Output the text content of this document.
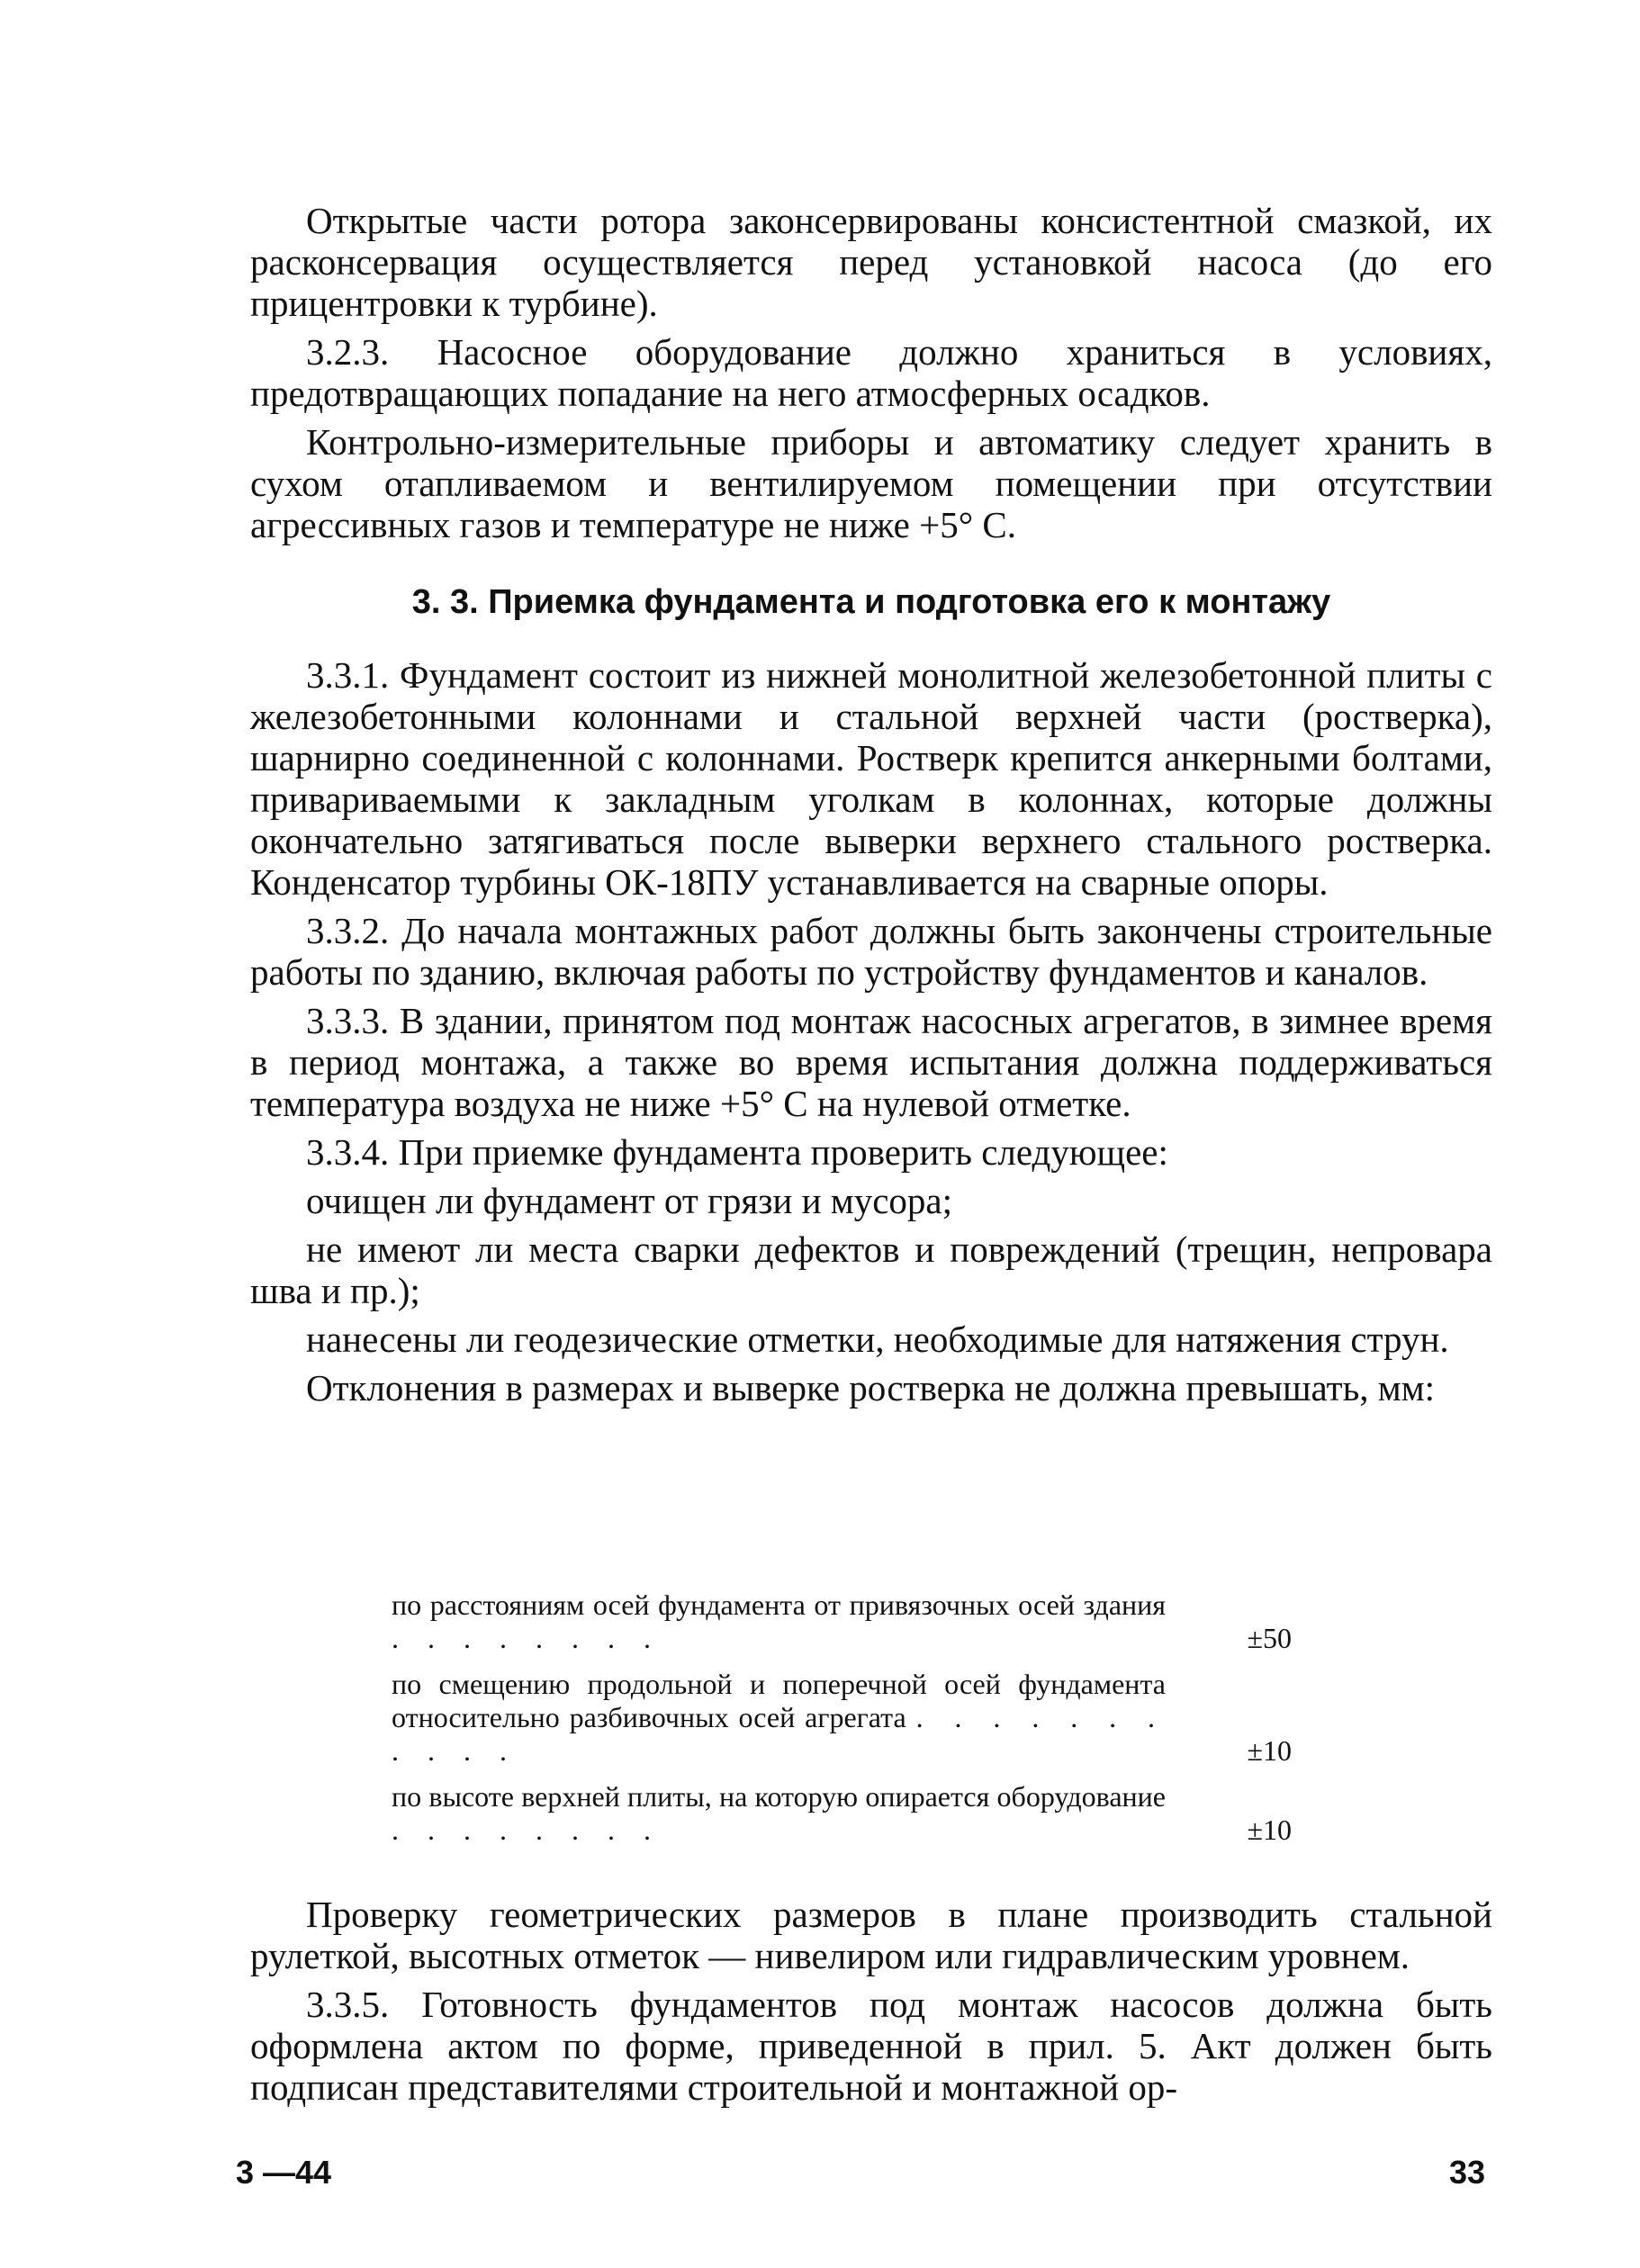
Открытые части ротора законсервированы консистентной смазкой, их расконсервация осуществляется перед установкой насоса (до его прицентровки к турбине).

3.2.3. Насосное оборудование должно храниться в условиях, предотвращающих попадание на него атмосферных осадков.

Контрольно-измерительные приборы и автоматику следует хранить в сухом отапливаемом и вентилируемом помещении при отсутствии агрессивных газов и температуре не ниже +5° С.

3. 3. Приемка фундамента и подготовка его к монтажу

3.3.1. Фундамент состоит из нижней монолитной железобетонной плиты с железобетонными колоннами и стальной верхней части (ростверка), шарнирно соединенной с колоннами. Ростверк крепится анкерными болтами, привариваемыми к закладным уголкам в колоннах, которые должны окончательно затягиваться после выверки верхнего стального ростверка. Конденсатор турбины ОК-18ПУ устанавливается на сварные опоры.

3.3.2. До начала монтажных работ должны быть закончены строительные работы по зданию, включая работы по устройству фундаментов и каналов.

3.3.3. В здании, принятом под монтаж насосных агрегатов, в зимнее время в период монтажа, а также во время испытания должна поддерживаться температура воздуха не ниже +5° С на нулевой отметке.

3.3.4. При приемке фундамента проверить следующее:

очищен ли фундамент от грязи и мусора;

не имеют ли места сварки дефектов и повреждений (трещин, непровара шва и пр.);

нанесены ли геодезические отметки, необходимые для натяжения струн.

Отклонения в размерах и выверке ростверка не должна превышать, мм:

по расстояниям осей фундамента от привязочных осей здания . . . . . . . .	±50
по смещению продольной и поперечной осей фундамента относительно разбивочных осей агрегата . . . . . . . . . . .	±10
по высоте верхней плиты, на которую опирается оборудование . . . . . . . .	±10

Проверку геометрических размеров в плане производить стальной рулеткой, высотных отметок — нивелиром или гидравлическим уровнем.

3.3.5. Готовность фундаментов под монтаж насосов должна быть оформлена актом по форме, приведенной в прил. 5. Акт должен быть подписан представителями строительной и монтажной ор-

3 —44	33
